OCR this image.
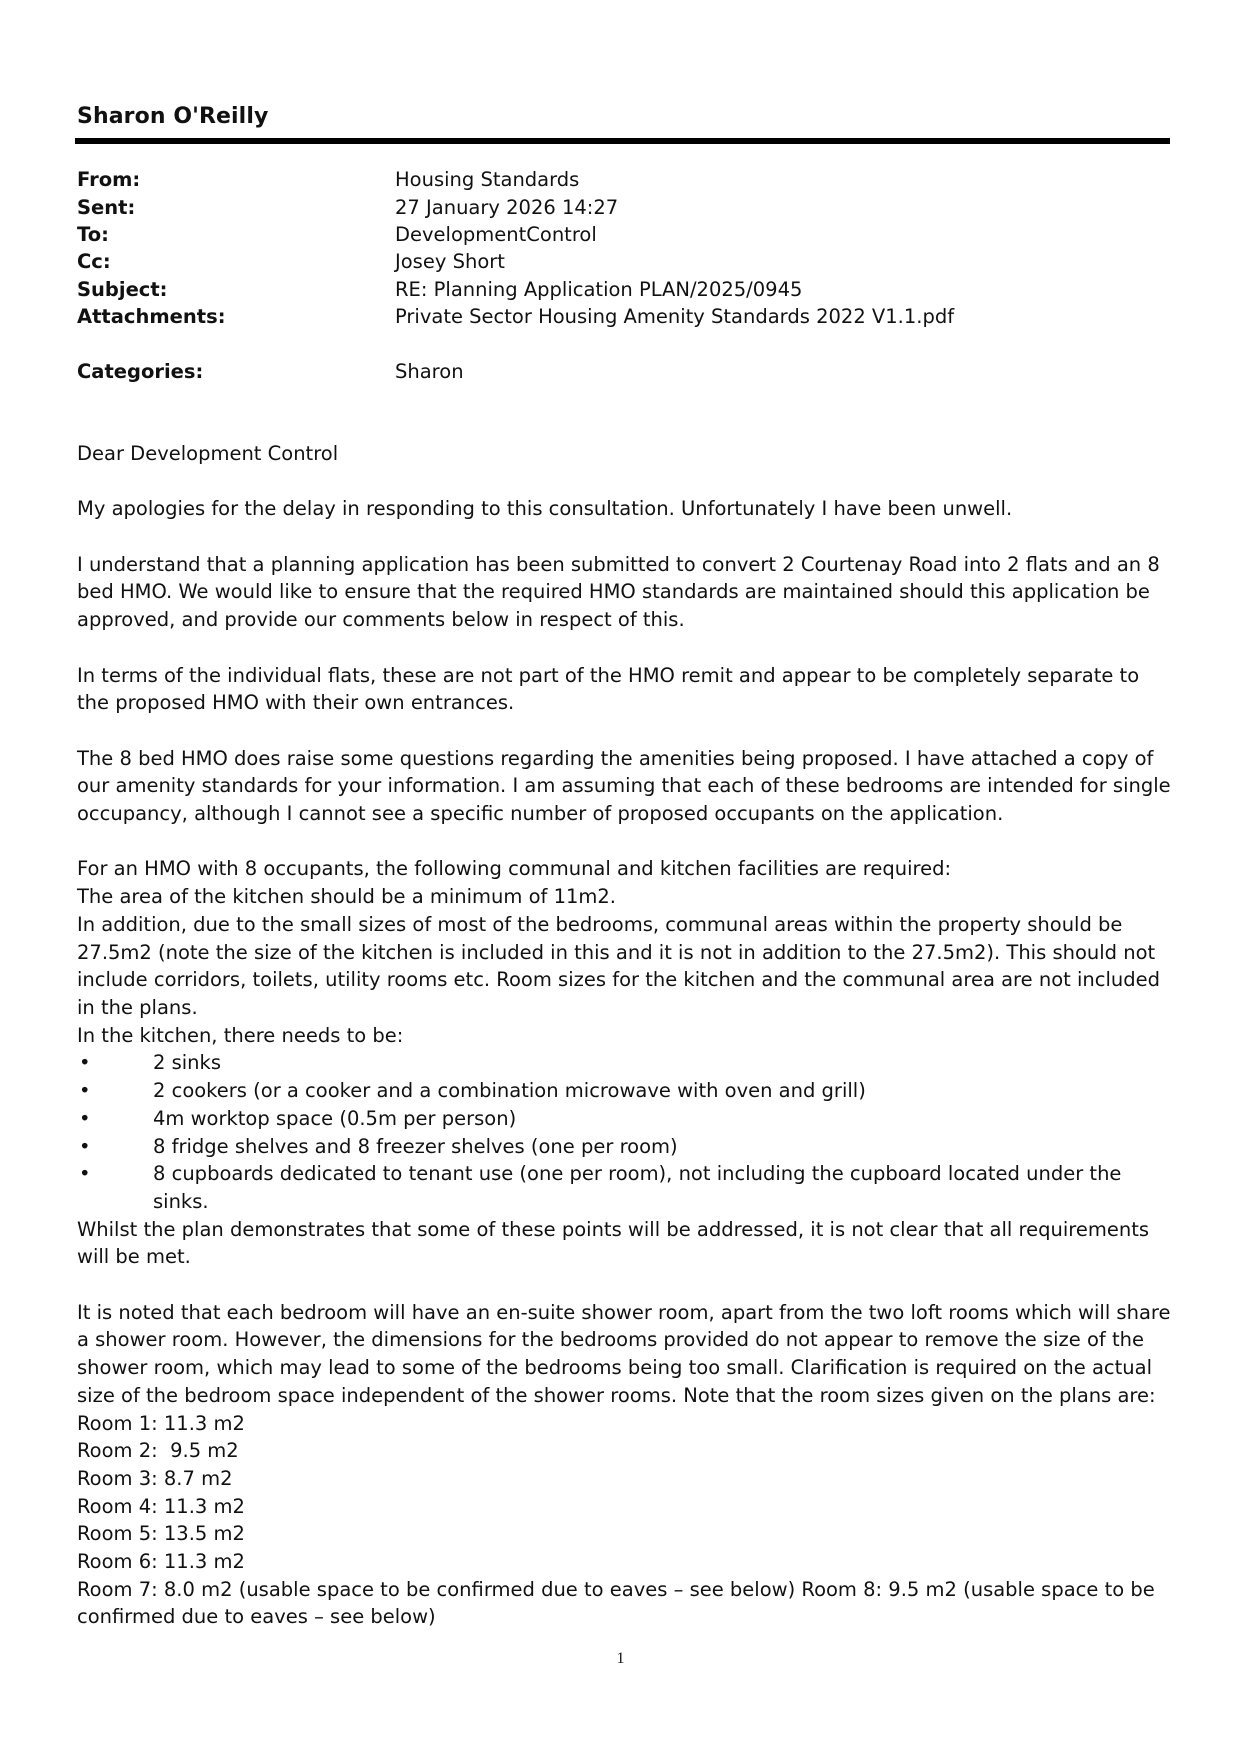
Sharon O'Reilly
From:	Housing Standards
Sent:	27 January 2026 14:27
To:	DevelopmentControl
Cc:	Josey Short
Subject:	RE: Planning Application PLAN/2025/0945
Attachments:	Private Sector Housing Amenity Standards 2022 V1.1.pdf
Categories:	Sharon

Dear Development Control

My apologies for the delay in responding to this consultation. Unfortunately I have been unwell.

I understand that a planning application has been submitted to convert 2 Courtenay Road into 2 flats and an 8 bed HMO. We would like to ensure that the required HMO standards are maintained should this application be approved, and provide our comments below in respect of this.

In terms of the individual flats, these are not part of the HMO remit and appear to be completely separate to the proposed HMO with their own entrances.

The 8 bed HMO does raise some questions regarding the amenities being proposed. I have attached a copy of our amenity standards for your information. I am assuming that each of these bedrooms are intended for single occupancy, although I cannot see a specific number of proposed occupants on the application.

For an HMO with 8 occupants, the following communal and kitchen facilities are required:

The area of the kitchen should be a minimum of 11m2.

In addition, due to the small sizes of most of the bedrooms, communal areas within the property should be 27.5m2 (note the size of the kitchen is included in this and it is not in addition to the 27.5m2). This should not include corridors, toilets, utility rooms etc. Room sizes for the kitchen and the communal area are not included in the plans.

In the kitchen, there needs to be:

•	2 sinks
•	2 cookers (or a cooker and a combination microwave with oven and grill)
•	4m worktop space (0.5m per person)
•	8 fridge shelves and 8 freezer shelves (one per room)
•	8 cupboards dedicated to tenant use (one per room), not including the cupboard located under the sinks.

Whilst the plan demonstrates that some of these points will be addressed, it is not clear that all requirements will be met.

It is noted that each bedroom will have an en-suite shower room, apart from the two loft rooms which will share a shower room. However, the dimensions for the bedrooms provided do not appear to remove the size of the shower room, which may lead to some of the bedrooms being too small. Clarification is required on the actual size of the bedroom space independent of the shower rooms. Note that the room sizes given on the plans are:

Room 1: 11.3 m2

Room 2:  9.5 m2

Room 3: 8.7 m2

Room 4: 11.3 m2

Room 5: 13.5 m2

Room 6: 11.3 m2

Room 7: 8.0 m2 (usable space to be confirmed due to eaves – see below) Room 8: 9.5 m2 (usable space to be confirmed due to eaves – see below)

1
